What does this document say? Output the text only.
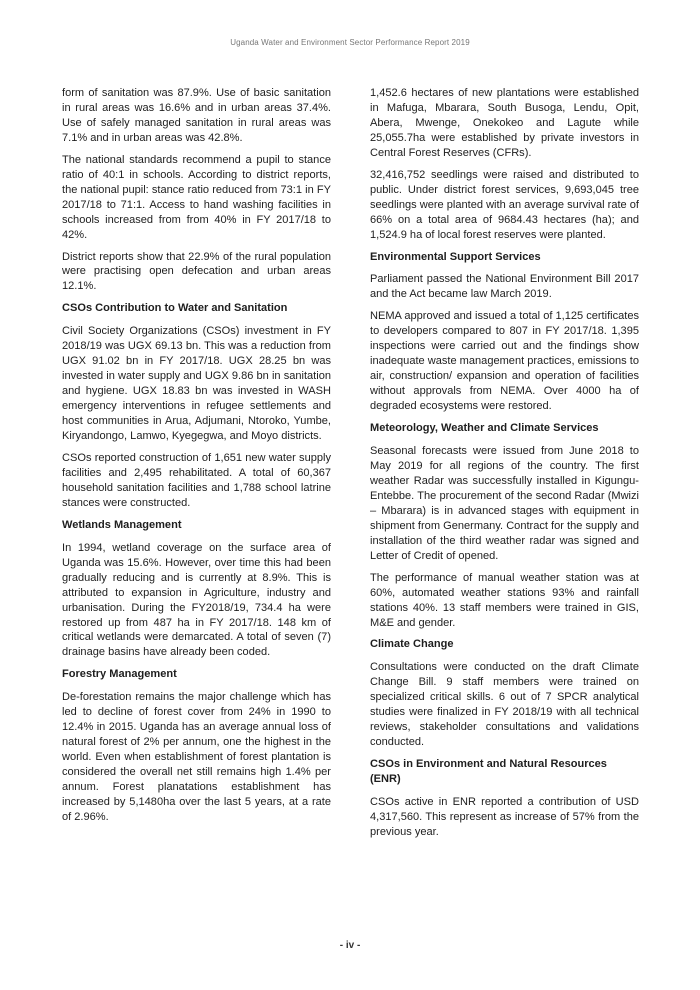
Uganda Water and Environment Sector Performance Report 2019

form of sanitation was 87.9%. Use of basic sanitation in rural areas was 16.6% and in urban areas 37.4%. Use of safely managed sanitation in rural areas was 7.1% and in urban areas was 42.8%.

The national standards recommend a pupil to stance ratio of 40:1 in schools. According to district reports, the national pupil: stance ratio reduced from 73:1 in FY 2017/18 to 71:1. Access to hand washing facilities in schools increased from from 40% in FY 2017/18 to 42%.

District reports show that 22.9% of the rural population were practising open defecation and urban areas 12.1%.

CSOs Contribution to Water and Sanitation

Civil Society Organizations (CSOs) investment in FY 2018/19 was UGX 69.13 bn. This was a reduction from UGX 91.02 bn in FY 2017/18. UGX 28.25 bn was invested in water supply and UGX 9.86 bn in sanitation and hygiene. UGX 18.83 bn was invested in WASH emergency interventions in refugee settlements and host communities in Arua, Adjumani, Ntoroko, Yumbe, Kiryandongo, Lamwo, Kyegegwa, and Moyo districts.

CSOs reported construction of 1,651 new water supply facilities and 2,495 rehabilitated. A total of 60,367 household sanitation facilities and 1,788 school latrine stances were constructed.

Wetlands Management

In 1994, wetland coverage on the surface area of Uganda was 15.6%. However, over time this had been gradually reducing and is currently at 8.9%. This is attributed to expansion in Agriculture, industry and urbanisation. During the FY2018/19, 734.4 ha were restored up from 487 ha in FY 2017/18. 148 km of critical wetlands were demarcated. A total of seven (7) drainage basins have already been coded.

Forestry Management

De-forestation remains the major challenge which has led to decline of forest cover from 24% in 1990 to 12.4% in 2015. Uganda has an average annual loss of natural forest of 2% per annum, one the highest in the world. Even when establishment of forest plantation is considered the overall net still remains high 1.4% per annum. Forest planatations establishment has increased by 5,1480ha over the last 5 years, at a rate of 2.96%.

1,452.6 hectares of new plantations were established in Mafuga, Mbarara, South Busoga, Lendu, Opit, Abera, Mwenge, Onekokeo and Lagute while 25,055.7ha were established by private investors in Central Forest Reserves (CFRs).

32,416,752 seedlings were raised and distributed to public. Under district forest services, 9,693,045 tree seedlings were planted with an average survival rate of 66% on a total area of 9684.43 hectares (ha); and 1,524.9 ha of local forest reserves were planted.

Environmental Support Services

Parliament passed the National Environment Bill 2017 and the Act became law March 2019.

NEMA approved and issued a total of 1,125 certificates to developers compared to 807 in FY 2017/18. 1,395 inspections were carried out and the findings show inadequate waste management practices, emissions to air, construction/ expansion and operation of facilities without approvals from NEMA. Over 4000 ha of degraded ecosystems were restored.

Meteorology, Weather and Climate Services

Seasonal forecasts were issued from June 2018 to May 2019 for all regions of the country. The first weather Radar was successfully installed in Kigungu-Entebbe. The procurement of the second Radar (Mwizi – Mbarara) is in advanced stages with equipment in shipment from Genermany. Contract for the supply and installation of the third weather radar was signed and Letter of Credit of opened.

The performance of manual weather station was at 60%, automated weather stations 93% and rainfall stations 40%. 13 staff members were trained in GIS, M&E and gender.

Climate Change

Consultations were conducted on the draft Climate Change Bill. 9 staff members were trained on specialized critical skills. 6 out of 7 SPCR analytical studies were finalized in FY 2018/19 with all technical reviews, stakeholder consultations and validations conducted.

CSOs in Environment and Natural Resources (ENR)

CSOs active in ENR reported a contribution of USD 4,317,560. This represent as increase of 57% from the previous year.

- iv -
